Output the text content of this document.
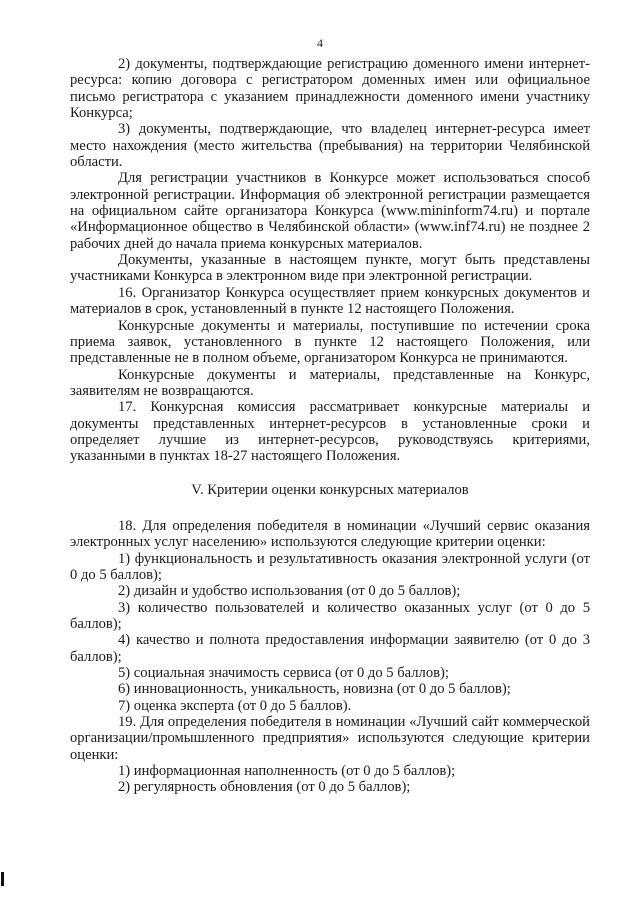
4

2) документы, подтверждающие регистрацию доменного имени интернет-ресурса: копию договора с регистратором доменных имен или официальное письмо регистратора с указанием принадлежности доменного имени участнику Конкурса;

3) документы, подтверждающие, что владелец интернет-ресурса имеет место нахождения (место жительства (пребывания) на территории Челябинской области.

Для регистрации участников в Конкурсе может использоваться способ электронной регистрации. Информация об электронной регистрации размещается на официальном сайте организатора Конкурса (www.mininform74.ru) и портале «Информационное общество в Челябинской области» (www.inf74.ru) не позднее 2 рабочих дней до начала приема конкурсных материалов.

Документы, указанные в настоящем пункте, могут быть представлены участниками Конкурса в электронном виде при электронной регистрации.

16. Организатор Конкурса осуществляет прием конкурсных документов и материалов в срок, установленный в пункте 12 настоящего Положения.

Конкурсные документы и материалы, поступившие по истечении срока приема заявок, установленного в пункте 12 настоящего Положения, или представленные не в полном объеме, организатором Конкурса не принимаются.

Конкурсные документы и материалы, представленные на Конкурс, заявителям не возвращаются.

17. Конкурсная комиссия рассматривает конкурсные материалы и документы представленных интернет-ресурсов в установленные сроки и определяет лучшие из интернет-ресурсов, руководствуясь критериями, указанными в пунктах 18-27 настоящего Положения.

V. Критерии оценки конкурсных материалов

18. Для определения победителя в номинации «Лучший сервис оказания электронных услуг населению» используются следующие критерии оценки:

1) функциональность и результативность оказания электронной услуги (от 0 до 5 баллов);

2) дизайн и удобство использования (от 0 до 5 баллов);

3) количество пользователей и количество оказанных услуг (от 0 до 5 баллов);

4) качество и полнота предоставления информации заявителю (от 0 до 3 баллов);

5) социальная значимость сервиса (от 0 до 5 баллов);

6) инновационность, уникальность, новизна (от 0 до 5 баллов);

7) оценка эксперта (от 0 до 5 баллов).

19. Для определения победителя в номинации «Лучший сайт коммерческой организации/промышленного предприятия» используются следующие критерии оценки:

1) информационная наполненность (от 0 до 5 баллов);

2) регулярность обновления (от 0 до 5 баллов);
